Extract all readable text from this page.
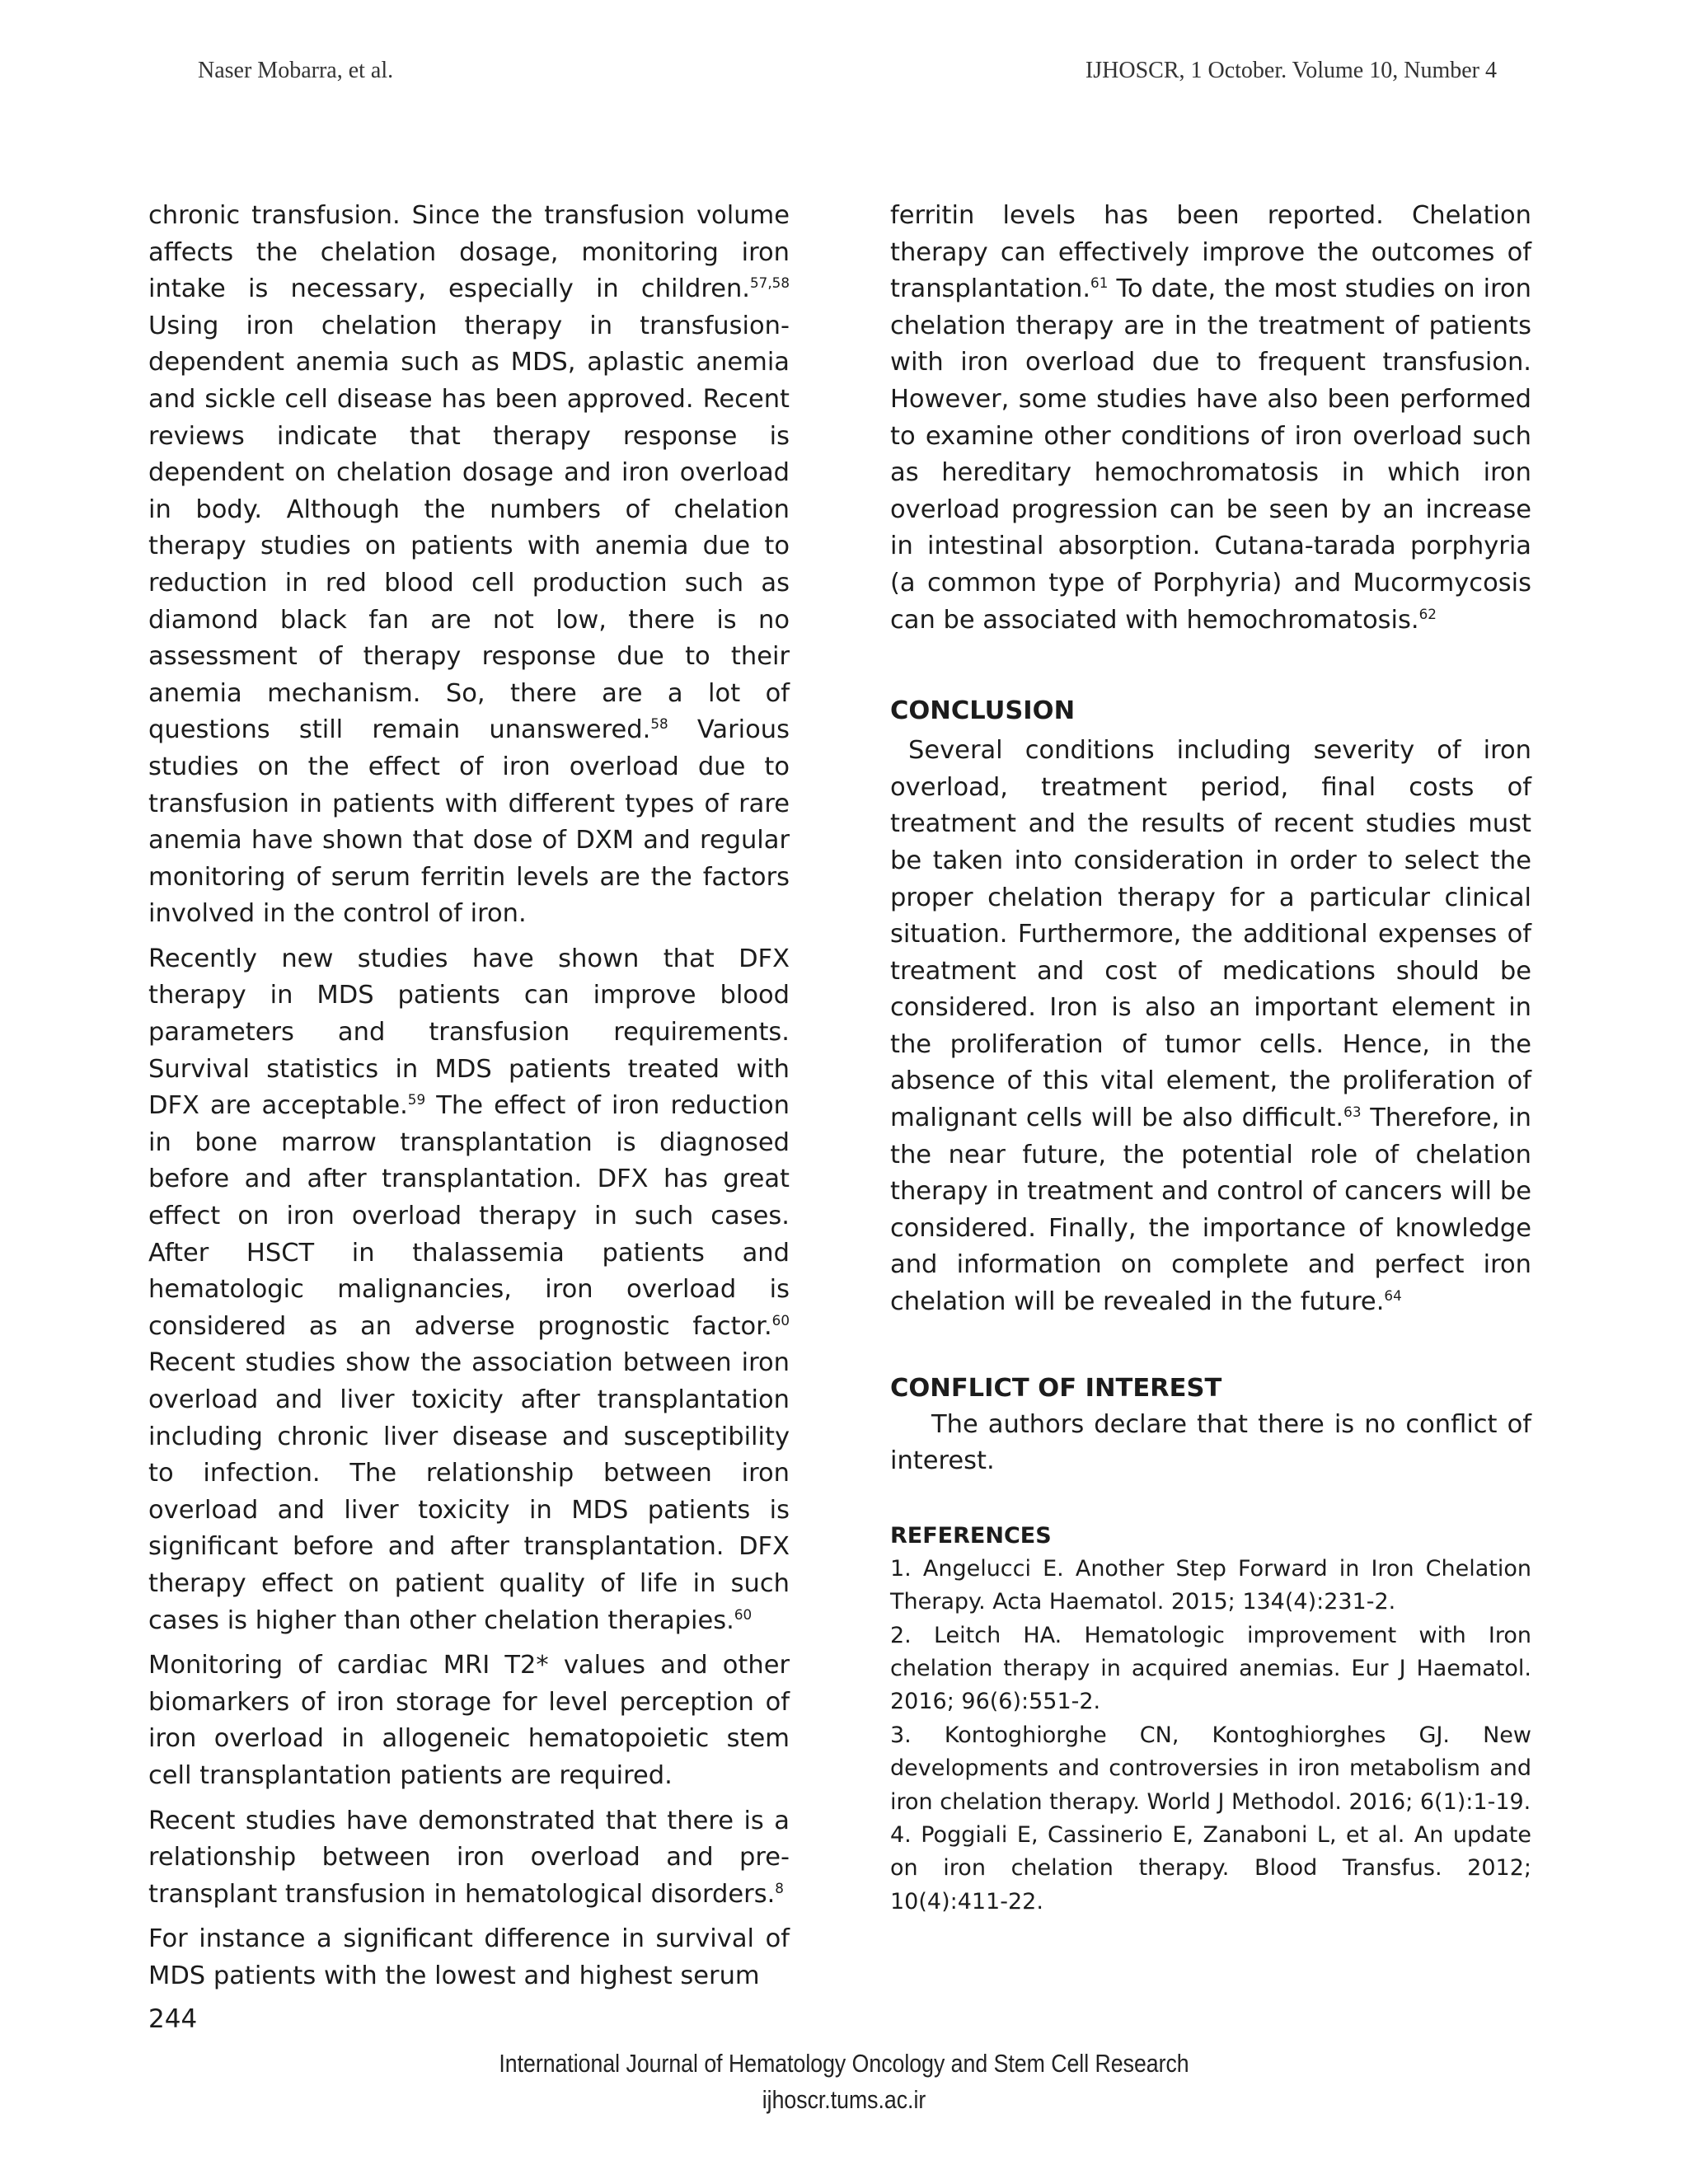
Naser Mobarra, et al.	IJHOSCR, 1 October. Volume 10, Number 4

chronic transfusion. Since the transfusion volume affects the chelation dosage, monitoring iron intake is necessary, especially in children.$^{57,58}$ Using iron chelation therapy in transfusion-dependent anemia such as MDS, aplastic anemia and sickle cell disease has been approved. Recent reviews indicate that therapy response is dependent on chelation dosage and iron overload in body. Although the numbers of chelation therapy studies on patients with anemia due to reduction in red blood cell production such as diamond black fan are not low, there is no assessment of therapy response due to their anemia mechanism. So, there are a lot of questions still remain unanswered.$^{58}$ Various studies on the effect of iron overload due to transfusion in patients with different types of rare anemia have shown that dose of DXM and regular monitoring of serum ferritin levels are the factors involved in the control of iron.

Recently new studies have shown that DFX therapy in MDS patients can improve blood parameters and transfusion requirements. Survival statistics in MDS patients treated with DFX are acceptable.$^{59}$ The effect of iron reduction in bone marrow transplantation is diagnosed before and after transplantation. DFX has great effect on iron overload therapy in such cases. After HSCT in thalassemia patients and hematologic malignancies, iron overload is considered as an adverse prognostic factor.$^{60}$ Recent studies show the association between iron overload and liver toxicity after transplantation including chronic liver disease and susceptibility to infection. The relationship between iron overload and liver toxicity in MDS patients is significant before and after transplantation. DFX therapy effect on patient quality of life in such cases is higher than other chelation therapies.$^{60}$

Monitoring of cardiac MRI T2* values and other biomarkers of iron storage for level perception of iron overload in allogeneic hematopoietic stem cell transplantation patients are required.

Recent studies have demonstrated that there is a relationship between iron overload and pre-transplant transfusion in hematological disorders.$^8$

For instance a significant difference in survival of MDS patients with the lowest and highest serum

ferritin levels has been reported. Chelation therapy can effectively improve the outcomes of transplantation.$^{61}$ To date, the most studies on iron chelation therapy are in the treatment of patients with iron overload due to frequent transfusion. However, some studies have also been performed to examine other conditions of iron overload such as hereditary hemochromatosis in which iron overload progression can be seen by an increase in intestinal absorption. Cutana-tarada porphyria (a common type of Porphyria) and Mucormycosis can be associated with hemochromatosis.$^{62}$

CONCLUSION

Several conditions including severity of iron overload, treatment period, final costs of treatment and the results of recent studies must be taken into consideration in order to select the proper chelation therapy for a particular clinical situation. Furthermore, the additional expenses of treatment and cost of medications should be considered. Iron is also an important element in the proliferation of tumor cells. Hence, in the absence of this vital element, the proliferation of malignant cells will be also difficult.$^{63}$ Therefore, in the near future, the potential role of chelation therapy in treatment and control of cancers will be considered. Finally, the importance of knowledge and information on complete and perfect iron chelation will be revealed in the future.$^{64}$

CONFLICT OF INTEREST

The authors declare that there is no conflict of interest.

REFERENCES

1. Angelucci E. Another Step Forward in Iron Chelation Therapy. Acta Haematol. 2015; 134(4):231-2.

2. Leitch HA. Hematologic improvement with Iron chelation therapy in acquired anemias. Eur J Haematol. 2016; 96(6):551-2.

3. Kontoghiorghe CN, Kontoghiorghes GJ. New developments and controversies in iron metabolism and iron chelation therapy. World J Methodol. 2016; 6(1):1-19.

4. Poggiali E, Cassinerio E, Zanaboni L, et al. An update on iron chelation therapy. Blood Transfus. 2012; 10(4):411-22.

244
International Journal of Hematology Oncology and Stem Cell Research
ijhoscr.tums.ac.ir
